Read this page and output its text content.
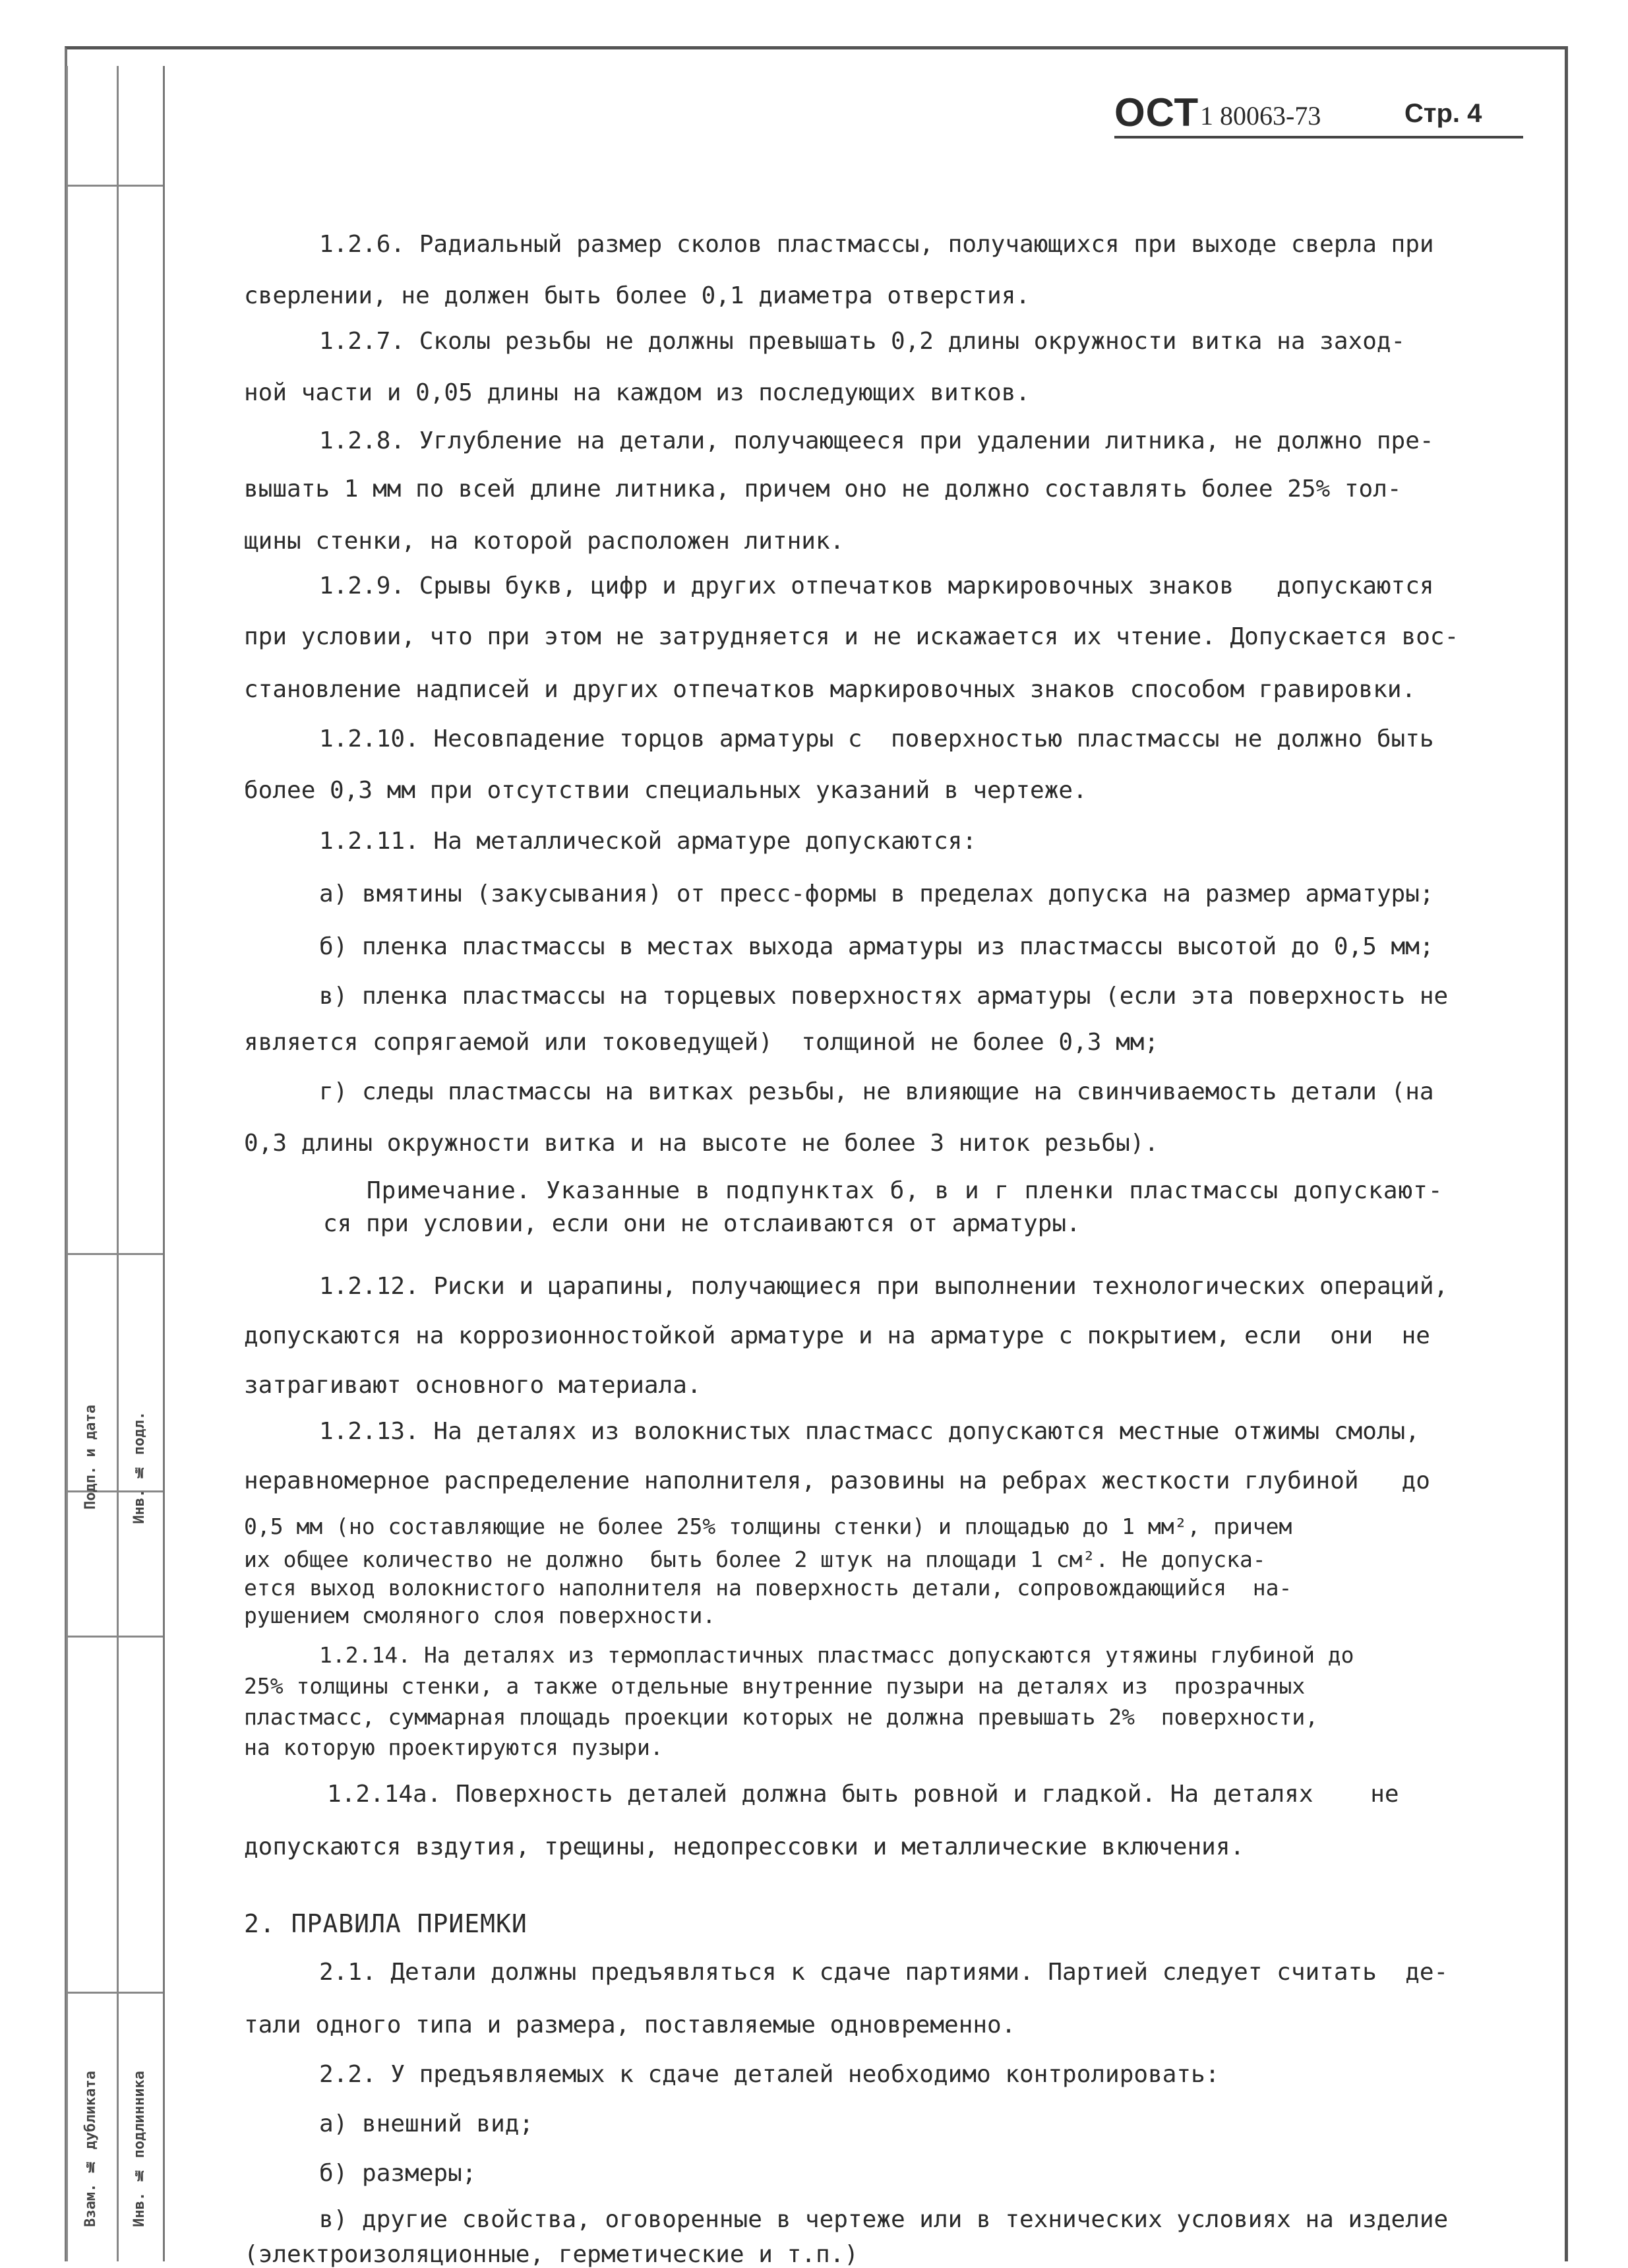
Подп. и дата Инв. № подл.
Взам. № дубликата Инв. № подлинника
ОСТ 1 80063-73	Стр. 4
1.2.6. Радиальный размер сколов пластмассы, получающихся при выходе сверла при
сверлении, не должен быть более 0,1 диаметра отверстия.
1.2.7. Сколы резьбы не должны превышать 0,2 длины окружности витка на заход-
ной части и 0,05 длины на каждом из последующих витков.
1.2.8. Углубление на детали, получающееся при удалении литника, не должно пре-
вышать 1 мм по всей длине литника, причем оно не должно составлять более 25% тол-
щины стенки, на которой расположен литник.
1.2.9. Срывы букв, цифр и других отпечатков маркировочных знаков   допускаются
при условии, что при этом не затрудняется и не искажается их чтение. Допускается вос-
становление надписей и других отпечатков маркировочных знаков способом гравировки.
1.2.10. Несовпадение торцов арматуры с  поверхностью пластмассы не должно быть
более 0,3 мм при отсутствии специальных указаний в чертеже.
1.2.11. На металлической арматуре допускаются:
а) вмятины (закусывания) от пресс-формы в пределах допуска на размер арматуры;
б) пленка пластмассы в местах выхода арматуры из пластмассы высотой до 0,5 мм;
в) пленка пластмассы на торцевых поверхностях арматуры (если эта поверхность не
является сопрягаемой или токоведущей)  толщиной не более 0,3 мм;
г) следы пластмассы на витках резьбы, не влияющие на свинчиваемость детали (на
0,3 длины окружности витка и на высоте не более 3 ниток резьбы).
Примечание. Указанные в подпунктах б, в и г пленки пластмассы допускают-
ся при условии, если они не отслаиваются от арматуры.
1.2.12. Риски и царапины, получающиеся при выполнении технологических операций,
допускаются на коррозионностойкой арматуре и на арматуре с покрытием, если  они  не
затрагивают основного материала.
1.2.13. На деталях из волокнистых пластмасс допускаются местные отжимы смолы,
неравномерное распределение наполнителя, разовины на ребрах жесткости глубиной   до
0,5 мм (но составляющие не более 25% толщины стенки) и площадью до 1 мм², причем
их общее количество не должно  быть более 2 штук на площади 1 см². Не допуска-
ется выход волокнистого наполнителя на поверхность детали, сопровождающийся  на-
рушением смоляного слоя поверхности.
1.2.14. На деталях из термопластичных пластмасс допускаются утяжины глубиной до
25% толщины стенки, а также отдельные внутренние пузыри на деталях из  прозрачных
пластмасс, суммарная площадь проекции которых не должна превышать 2%  поверхности,
на которую проектируются пузыри.
1.2.14а. Поверхность деталей должна быть ровной и гладкой. На деталях    не
допускаются вздутия, трещины, недопрессовки и металлические включения.
2. ПРАВИЛА ПРИЕМКИ
2.1. Детали должны предъявляться к сдаче партиями. Партией следует считать  де-
тали одного типа и размера, поставляемые одновременно.
2.2. У предъявляемых к сдаче деталей необходимо контролировать:
а) внешний вид;
б) размеры;
в) другие свойства, оговоренные в чертеже или в технических условиях на изделие
(электроизоляционные, герметические и т.п.)
